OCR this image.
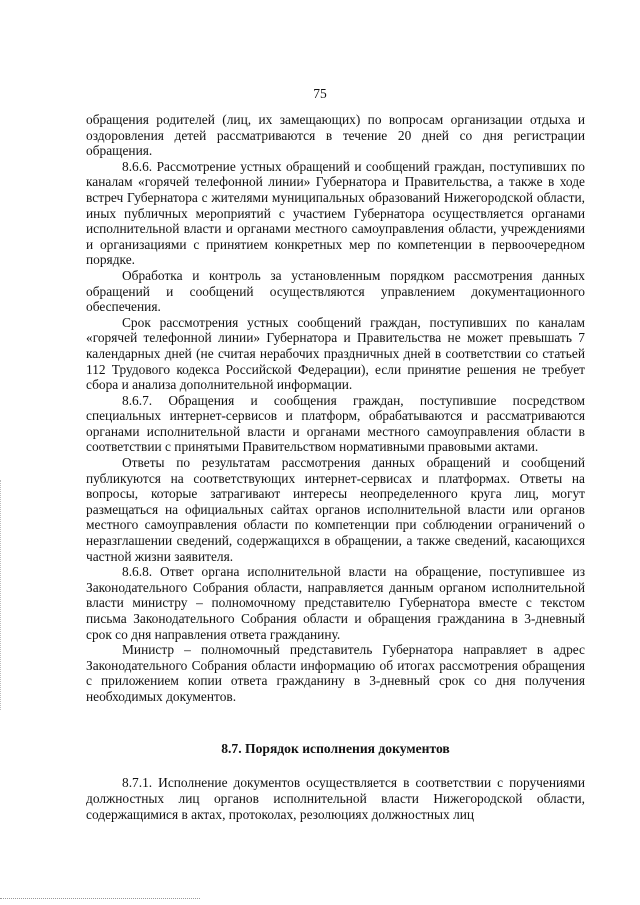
75

обращения родителей (лиц, их замещающих) по вопросам организации отдыха и оздоровления детей рассматриваются в течение 20 дней со дня регистрации обращения.

8.6.6. Рассмотрение устных обращений и сообщений граждан, поступивших по каналам «горячей телефонной линии» Губернатора и Правительства, а также в ходе встреч Губернатора с жителями муниципальных образований Нижегородской области, иных публичных мероприятий с участием Губернатора осуществляется органами исполнительной власти и органами местного самоуправления области, учреждениями и организациями с принятием конкретных мер по компетенции в первоочередном порядке.

Обработка и контроль за установленным порядком рассмотрения данных обращений и сообщений осуществляются управлением документационного обеспечения.

Срок рассмотрения устных сообщений граждан, поступивших по каналам «горячей телефонной линии» Губернатора и Правительства не может превышать 7 календарных дней (не считая нерабочих праздничных дней в соответствии со статьей 112 Трудового кодекса Российской Федерации), если принятие решения не требует сбора и анализа дополнительной информации.

8.6.7. Обращения и сообщения граждан, поступившие посредством специальных интернет-сервисов и платформ, обрабатываются и рассматриваются органами исполнительной власти и органами местного самоуправления области в соответствии с принятыми Правительством нормативными правовыми актами.

Ответы по результатам рассмотрения данных обращений и сообщений публикуются на соответствующих интернет-сервисах и платформах. Ответы на вопросы, которые затрагивают интересы неопределенного круга лиц, могут размещаться на официальных сайтах органов исполнительной власти или органов местного самоуправления области по компетенции при соблюдении ограничений о неразглашении сведений, содержащихся в обращении, а также сведений, касающихся частной жизни заявителя.

8.6.8. Ответ органа исполнительной власти на обращение, поступившее из Законодательного Собрания области, направляется данным органом исполнительной власти министру – полномочному представителю Губернатора вместе с текстом письма Законодательного Собрания области и обращения гражданина в 3-дневный срок со дня направления ответа гражданину.

Министр – полномочный представитель Губернатора направляет в адрес Законодательного Собрания области информацию об итогах рассмотрения обращения с приложением копии ответа гражданину в 3-дневный срок со дня получения необходимых документов.

8.7. Порядок исполнения документов
8.7.1. Исполнение документов осуществляется в соответствии с поручениями должностных лиц органов исполнительной власти Нижегородской области, содержащимися в актах, протоколах, резолюциях должностных лиц
